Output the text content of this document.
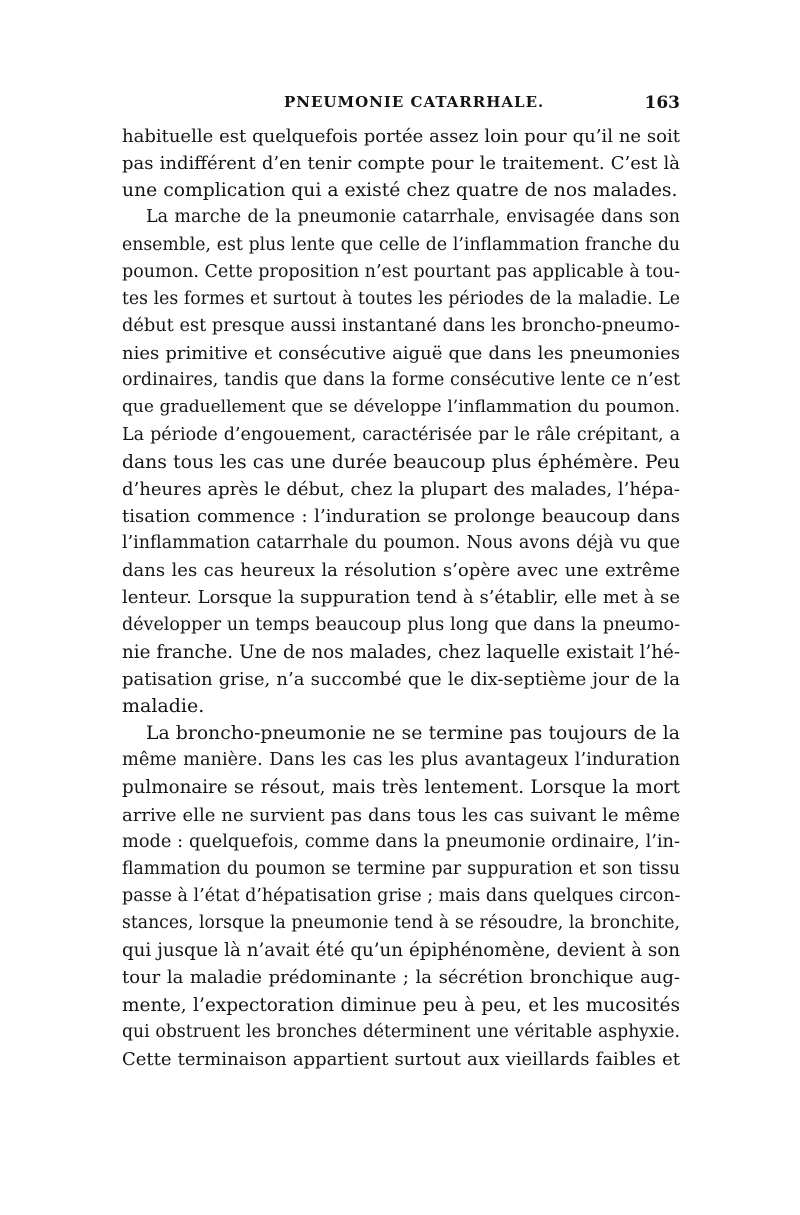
PNEUMONIE CATARRHALE.	163
habituelle est quelquefois portée assez loin pour qu’il ne soit
pas indifférent d’en tenir compte pour le traitement. C’est là
une complication qui a existé chez quatre de nos malades.
La marche de la pneumonie catarrhale, envisagée dans son
ensemble, est plus lente que celle de l’inflammation franche du
poumon. Cette proposition n’est pourtant pas applicable à tou-
tes les formes et surtout à toutes les périodes de la maladie. Le
début est presque aussi instantané dans les broncho-pneumo-
nies primitive et consécutive aiguë que dans les pneumonies
ordinaires, tandis que dans la forme consécutive lente ce n’est
que graduellement que se développe l’inflammation du poumon.
La période d’engouement, caractérisée par le râle crépitant, a
dans tous les cas une durée beaucoup plus éphémère. Peu
d’heures après le début, chez la plupart des malades, l’hépa-
tisation commence : l’induration se prolonge beaucoup dans
l’inflammation catarrhale du poumon. Nous avons déjà vu que
dans les cas heureux la résolution s’opère avec une extrême
lenteur. Lorsque la suppuration tend à s’établir, elle met à se
développer un temps beaucoup plus long que dans la pneumo-
nie franche. Une de nos malades, chez laquelle existait l’hé-
patisation grise, n’a succombé que le dix-septième jour de la
maladie.
La broncho-pneumonie ne se termine pas toujours de la
même manière. Dans les cas les plus avantageux l’induration
pulmonaire se résout, mais très lentement. Lorsque la mort
arrive elle ne survient pas dans tous les cas suivant le même
mode : quelquefois, comme dans la pneumonie ordinaire, l’in-
flammation du poumon se termine par suppuration et son tissu
passe à l’état d’hépatisation grise ; mais dans quelques circon-
stances, lorsque la pneumonie tend à se résoudre, la bronchite,
qui jusque là n’avait été qu’un épiphénomène, devient à son
tour la maladie prédominante ; la sécrétion bronchique aug-
mente, l’expectoration diminue peu à peu, et les mucosités
qui obstruent les bronches déterminent une véritable asphyxie.
Cette terminaison appartient surtout aux vieillards faibles et
